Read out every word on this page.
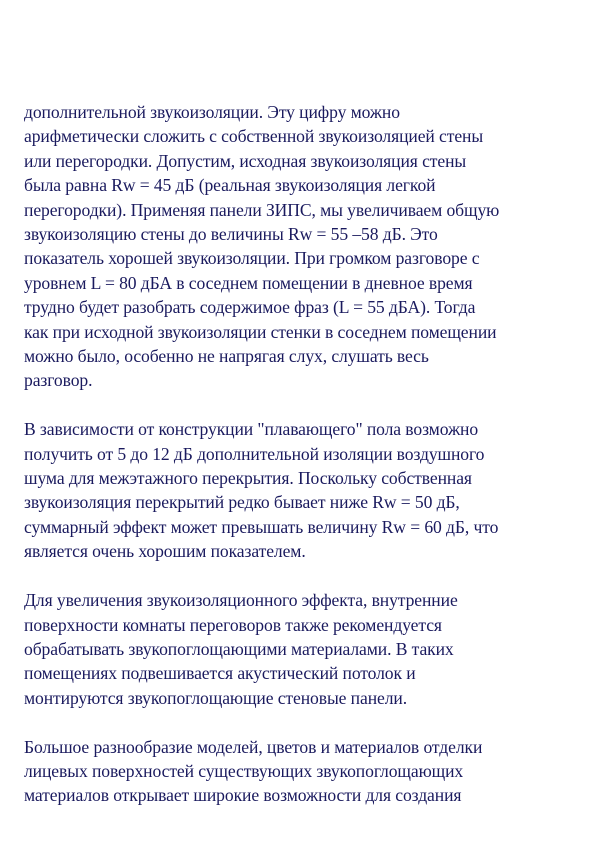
дополнительной звукоизоляции. Эту цифру можно
арифметически сложить с собственной звукоизоляцией стены
или перегородки. Допустим, исходная звукоизоляция стены
была равна Rw = 45 дБ (реальная звукоизоляция легкой
перегородки). Применяя панели ЗИПС, мы увеличиваем общую
звукоизоляцию стены до величины Rw = 55 –58 дБ. Это
показатель хорошей звукоизоляции. При громком разговоре с
уровнем L = 80 дБА в соседнем помещении в дневное время
трудно будет разобрать содержимое фраз (L = 55 дБА). Тогда
как при исходной звукоизоляции стенки в соседнем помещении
можно было, особенно не напрягая слух, слушать весь
разговор.

В зависимости от конструкции "плавающего" пола возможно
получить от 5 до 12 дБ дополнительной изоляции воздушного
шума для межэтажного перекрытия. Поскольку собственная
звукоизоляция перекрытий редко бывает ниже Rw = 50 дБ,
суммарный эффект может превышать величину Rw = 60 дБ, что
является очень хорошим показателем.

Для увеличения звукоизоляционного эффекта, внутренние
поверхности комнаты переговоров также рекомендуется
обрабатывать звукопоглощающими материалами. В таких
помещениях подвешивается акустический потолок и
монтируются звукопоглощающие стеновые панели.

Большое разнообразие моделей, цветов и материалов отделки
лицевых поверхностей существующих звукопоглощающих
материалов открывает широкие возможности для создания
